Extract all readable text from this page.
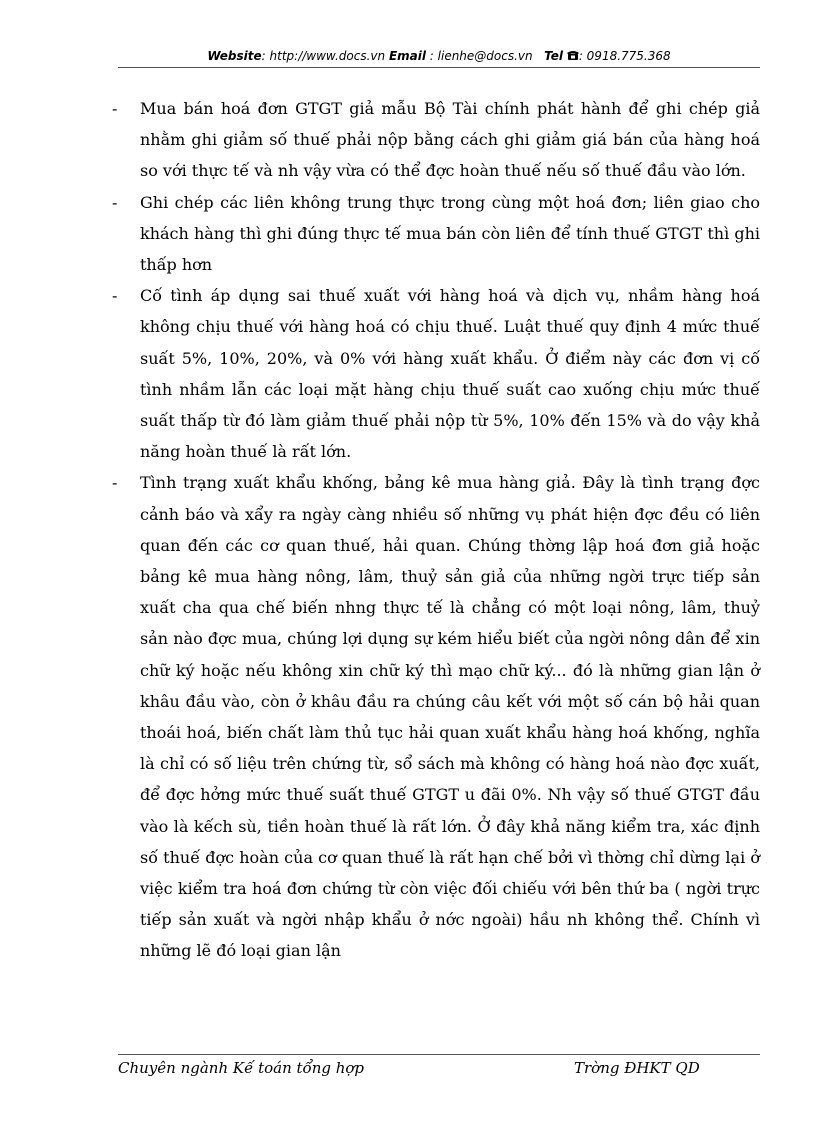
Website: http://www.docs.vn Email : lienhe@docs.vn Tel : 0918.775.368

- Mua bán hoá đơn GTGT giả mẫu Bộ Tài chính phát hành để ghi chép giả nhằm ghi giảm số thuế phải nộp bằng cách ghi giảm giá bán của hàng hoá so với thực tế và nh vậy vừa có thể đợc hoàn thuế nếu số thuế đầu vào lớn.

- Ghi chép các liên không trung thực trong cùng một hoá đơn; liên giao cho khách hàng thì ghi đúng thực tế mua bán còn liên để tính thuế GTGT thì ghi thấp hơn

- Cố tình áp dụng sai thuế xuất với hàng hoá và dịch vụ, nhầm hàng hoá không chịu thuế với hàng hoá có chịu thuế. Luật thuế quy định 4 mức thuế suất 5%, 10%, 20%, và 0% với hàng xuất khẩu. Ở điểm này các đơn vị cố tình nhầm lẫn các loại mặt hàng chịu thuế suất cao xuống chịu mức thuế suất thấp từ đó làm giảm thuế phải nộp từ 5%, 10% đến 15% và do vậy khả năng hoàn thuế là rất lớn.

- Tình trạng xuất khẩu khống, bảng kê mua hàng giả. Đây là tình trạng đợc cảnh báo và xẩy ra ngày càng nhiều số những vụ phát hiện đợc đều có liên quan đến các cơ quan thuế, hải quan. Chúng thờng lập hoá đơn giả hoặc bảng kê mua hàng nông, lâm, thuỷ sản giả của những ngời trực tiếp sản xuất cha qua chế biến nhng thực tế là chẳng có một loại nông, lâm, thuỷ sản nào đợc mua, chúng lợi dụng sự kém hiểu biết của ngời nông dân để xin chữ ký hoặc nếu không xin chữ ký thì mạo chữ ký... đó là những gian lận ở khâu đầu vào, còn ở khâu đầu ra chúng câu kết với một số cán bộ hải quan thoái hoá, biến chất làm thủ tục hải quan xuất khẩu hàng hoá khống, nghĩa là chỉ có số liệu trên chứng từ, sổ sách mà không có hàng hoá nào đợc xuất, để đợc hởng mức thuế suất thuế GTGT u đãi 0%. Nh vậy số thuế GTGT đầu vào là kếch sù, tiền hoàn thuế là rất lớn. Ở đây khả năng kiểm tra, xác định số thuế đợc hoàn của cơ quan thuế là rất hạn chế bởi vì thờng chỉ dừng lại ở việc kiểm tra hoá đơn chứng từ còn việc đối chiếu với bên thứ ba ( ngời trực tiếp sản xuất và ngời nhập khẩu ở nớc ngoài) hầu nh không thể. Chính vì những lẽ đó loại gian lận

Chuyên ngành Kế toán tổng hợp	Trờng ĐHKT QD
